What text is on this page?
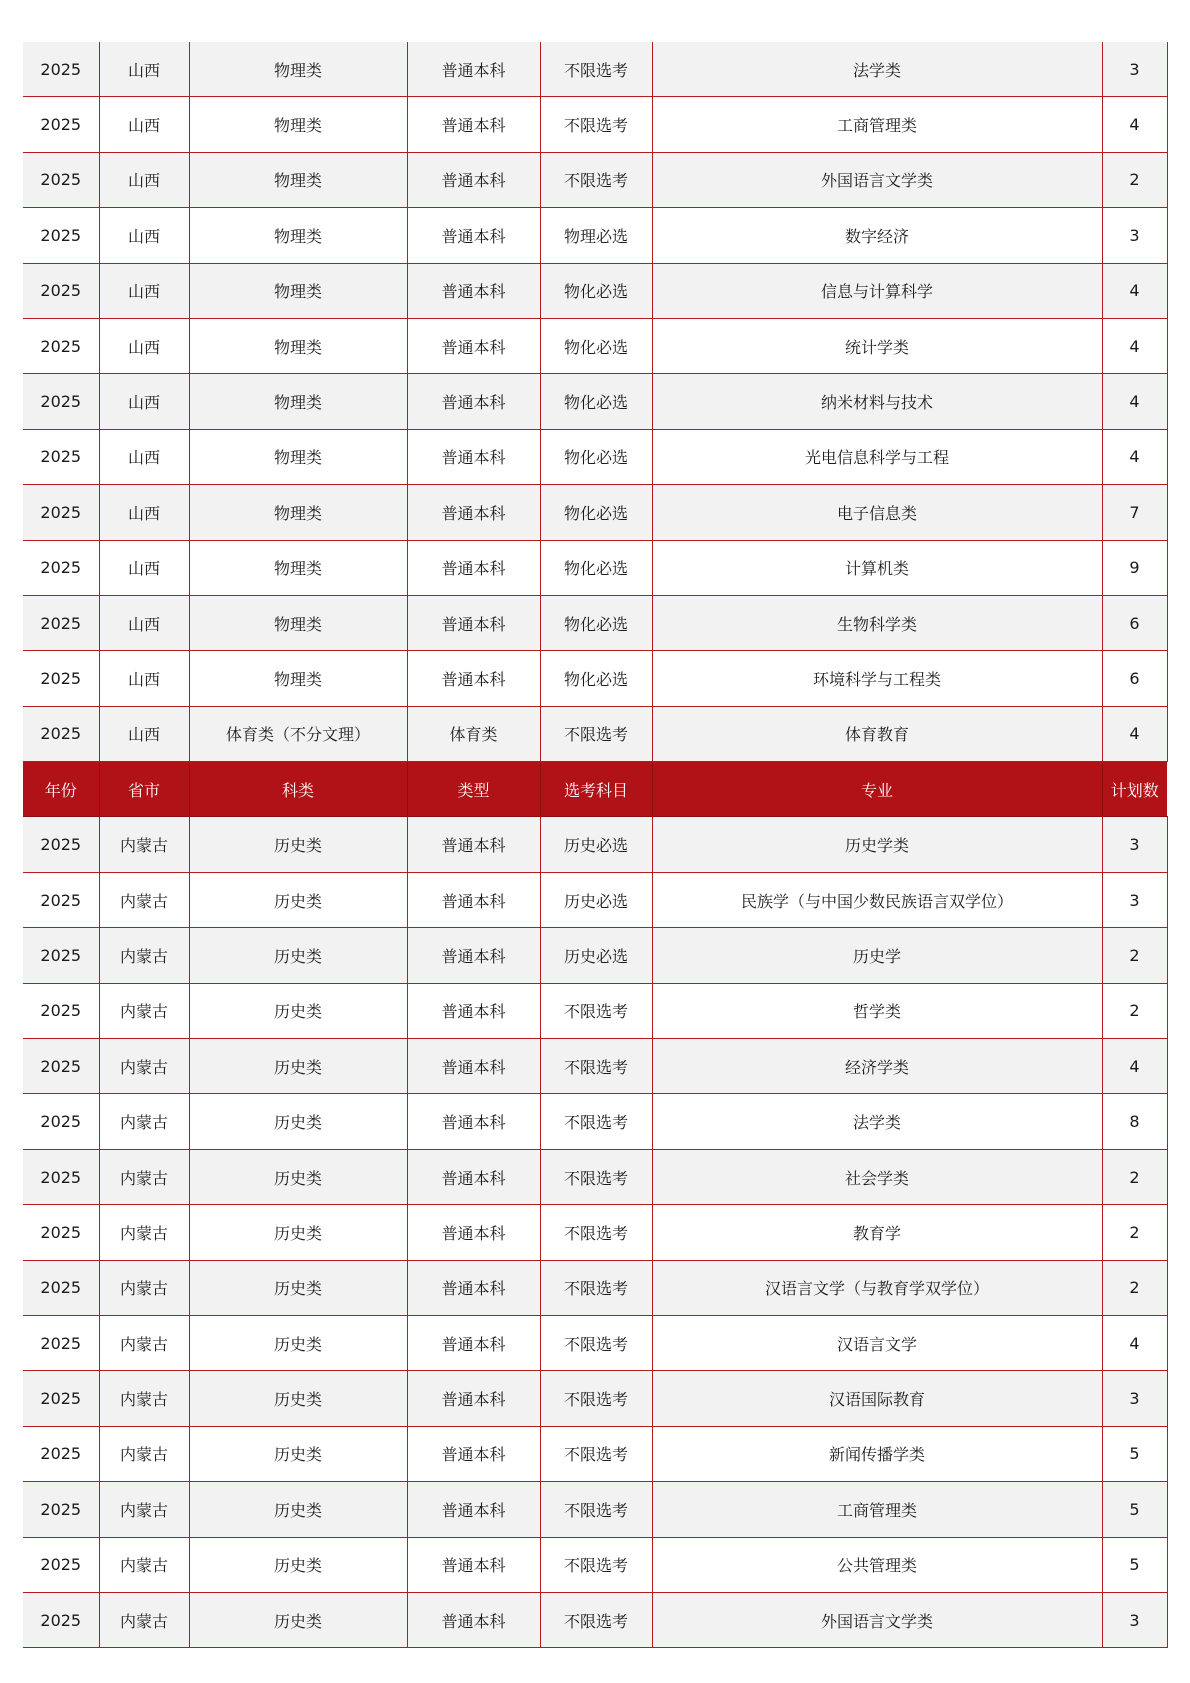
2025	山西	物理类	普通本科	不限选考	法学类	3
2025	山西	物理类	普通本科	不限选考	工商管理类	4
2025	山西	物理类	普通本科	不限选考	外国语言文学类	2
2025	山西	物理类	普通本科	物理必选	数字经济	3
2025	山西	物理类	普通本科	物化必选	信息与计算科学	4
2025	山西	物理类	普通本科	物化必选	统计学类	4
2025	山西	物理类	普通本科	物化必选	纳米材料与技术	4
2025	山西	物理类	普通本科	物化必选	光电信息科学与工程	4
2025	山西	物理类	普通本科	物化必选	电子信息类	7
2025	山西	物理类	普通本科	物化必选	计算机类	9
2025	山西	物理类	普通本科	物化必选	生物科学类	6
2025	山西	物理类	普通本科	物化必选	环境科学与工程类	6
2025	山西	体育类（不分文理）	体育类	不限选考	体育教育	4
年份	省市	科类	类型	选考科目	专业	计划数
2025	内蒙古	历史类	普通本科	历史必选	历史学类	3
2025	内蒙古	历史类	普通本科	历史必选	民族学（与中国少数民族语言双学位）	3
2025	内蒙古	历史类	普通本科	历史必选	历史学	2
2025	内蒙古	历史类	普通本科	不限选考	哲学类	2
2025	内蒙古	历史类	普通本科	不限选考	经济学类	4
2025	内蒙古	历史类	普通本科	不限选考	法学类	8
2025	内蒙古	历史类	普通本科	不限选考	社会学类	2
2025	内蒙古	历史类	普通本科	不限选考	教育学	2
2025	内蒙古	历史类	普通本科	不限选考	汉语言文学（与教育学双学位）	2
2025	内蒙古	历史类	普通本科	不限选考	汉语言文学	4
2025	内蒙古	历史类	普通本科	不限选考	汉语国际教育	3
2025	内蒙古	历史类	普通本科	不限选考	新闻传播学类	5
2025	内蒙古	历史类	普通本科	不限选考	工商管理类	5
2025	内蒙古	历史类	普通本科	不限选考	公共管理类	5
2025	内蒙古	历史类	普通本科	不限选考	外国语言文学类	3
